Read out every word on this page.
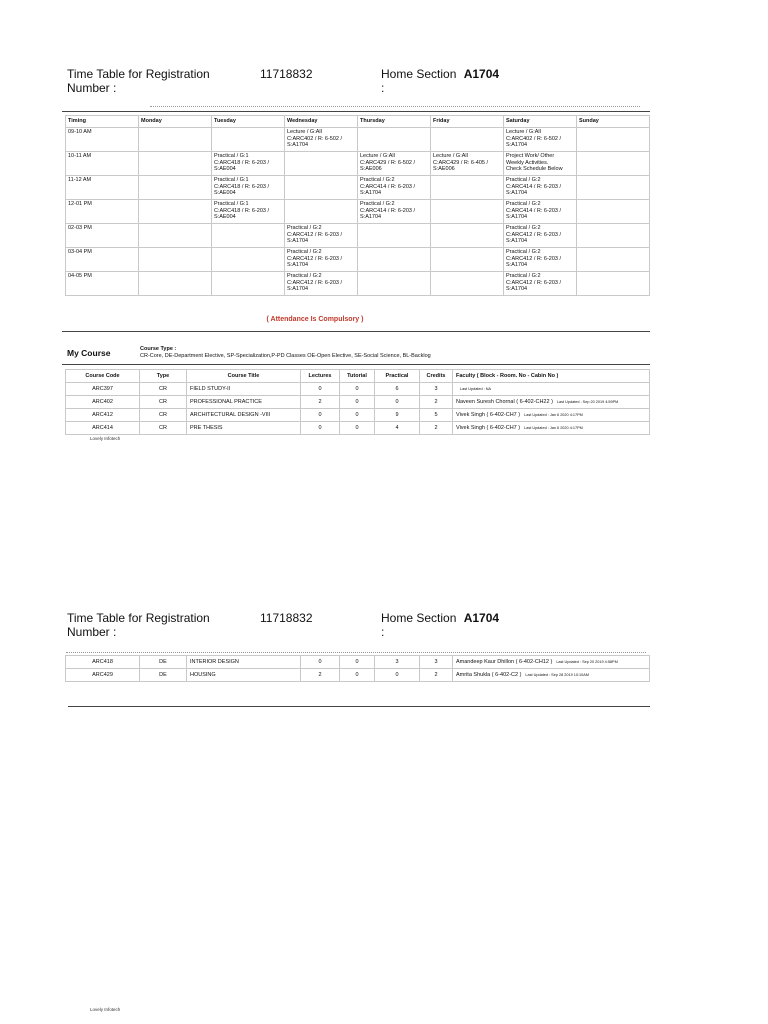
Time Table for Registration
Number :
11718832	Home Section A1704
:
Timing	Monday	Tuesday	Wednesday	Thursday	Friday	Saturday	Sunday
09-10 AM			Lecture / G:All
C:ARC402 / R: 6-502 /
S:A1704			Lecture / G:All
C:ARC402 / R: 6-502 /
S:A1704	
10-11 AM		Practical / G:1
C:ARC418 / R: 6-203 /
S:AE004		Lecture / G:All
C:ARC429 / R: 6-502 /
S:AE006	Lecture / G:All
C:ARC429 / R: 6-405 /
S:AE006	Project Work/ Other
Weekly Activities.
Check Schedule Below	
11-12 AM		Practical / G:1
C:ARC418 / R: 6-203 /
S:AE004		Practical / G:2
C:ARC414 / R: 6-203 /
S:A1704		Practical / G:2
C:ARC414 / R: 6-203 /
S:A1704	
12-01 PM		Practical / G:1
C:ARC418 / R: 6-203 /
S:AE004		Practical / G:2
C:ARC414 / R: 6-203 /
S:A1704		Practical / G:2
C:ARC414 / R: 6-203 /
S:A1704	
02-03 PM			Practical / G:2
C:ARC412 / R: 6-203 /
S:A1704			Practical / G:2
C:ARC412 / R: 6-203 /
S:A1704	
03-04 PM			Practical / G:2
C:ARC412 / R: 6-203 /
S:A1704			Practical / G:2
C:ARC412 / R: 6-203 /
S:A1704	
04-05 PM			Practical / G:2
C:ARC412 / R: 6-203 /
S:A1704			Practical / G:2
C:ARC412 / R: 6-203 /
S:A1704	
( Attendance Is Compulsory )
My Course	Course Type :
CR-Core, DE-Department Elective, SP-Specialization,P-PD Classes OE-Open Elective, SE-Social Science, BL-Backlog
Course Code	Type	Course Title	Lectures	Tutorial	Practical	Credits	Faculty ( Block - Room. No - Cabin No )
ARC397	CR	FIELD STUDY-II	0	0	6	3	Last Updated : NA
ARC402	CR	PROFESSIONAL PRACTICE	2	0	0	2	Naveen Suresh Chornal ( 6-402-CH22 ) Last Updated : Sep 20 2019 4:59PM
ARC412	CR	ARCHITECTURAL DESIGN -VIII	0	0	9	5	Vivek Singh ( 6-402-CH7 ) Last Updated : Jan 6 2020 4:17PM
ARC414	CR	PRE THESIS	0	0	4	2	Vivek Singh ( 6-402-CH7 ) Last Updated : Jan 6 2020 4:17PM
Lovely Infotech
Time Table for Registration
Number :
11718832	Home Section A1704
:
ARC418	DE	INTERIOR DESIGN	0	0	3	3	Amandeep Kaur Dhillon ( 6-402-CH12 ) Last Updated : Sep 20 2019 4:58PM
ARC429	DE	HOUSING	2	0	0	2	Amrita Shukla ( 6-402-C2 ) Last Updated : Sep 28 2019 10:10AM
Lovely Infotech
